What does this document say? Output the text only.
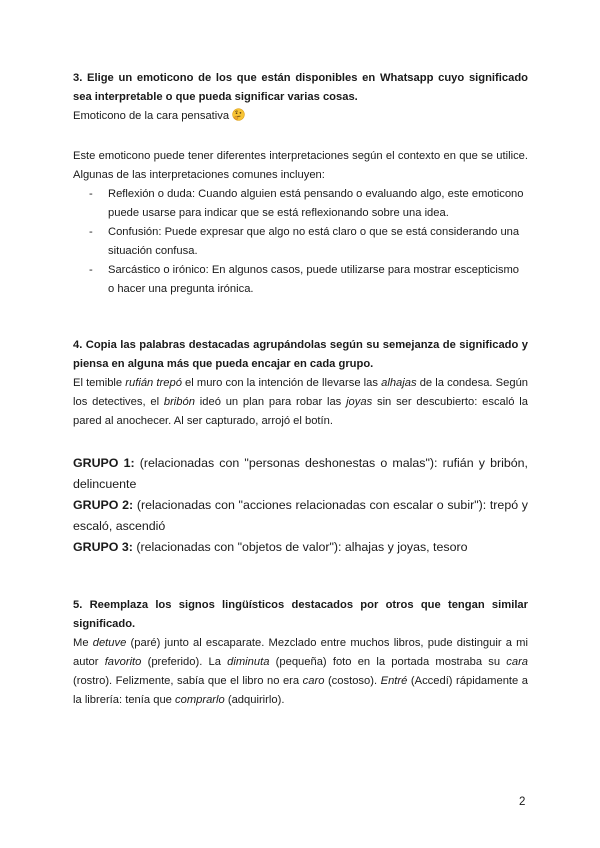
3. Elige un emoticono de los que están disponibles en Whatsapp cuyo significado sea interpretable o que pueda significar varias cosas.

Emoticono de la cara pensativa

Este emoticono puede tener diferentes interpretaciones según el contexto en que se utilice. Algunas de las interpretaciones comunes incluyen:

- Reflexión o duda: Cuando alguien está pensando o evaluando algo, este emoticono puede usarse para indicar que se está reflexionando sobre una idea.
- Confusión: Puede expresar que algo no está claro o que se está considerando una situación confusa.
- Sarcástico o irónico: En algunos casos, puede utilizarse para mostrar escepticismo o hacer una pregunta irónica.

4. Copia las palabras destacadas agrupándolas según su semejanza de significado y piensa en alguna más que pueda encajar en cada grupo.

El temible rufián trepó el muro con la intención de llevarse las alhajas de la condesa. Según los detectives, el bribón ideó un plan para robar las joyas sin ser descubierto: escaló la pared al anochecer. Al ser capturado, arrojó el botín.

GRUPO 1: (relacionadas con "personas deshonestas o malas"): rufián y bribón, delincuente

GRUPO 2: (relacionadas con "acciones relacionadas con escalar o subir"): trepó y escaló, ascendió

GRUPO 3: (relacionadas con "objetos de valor"): alhajas y joyas, tesoro

5. Reemplaza los signos lingüísticos destacados por otros que tengan similar significado.

Me detuve (paré) junto al escaparate. Mezclado entre muchos libros, pude distinguir a mi autor favorito (preferido). La diminuta (pequeña) foto en la portada mostraba su cara (rostro). Felizmente, sabía que el libro no era caro (costoso). Entré (Accedí) rápidamente a la librería: tenía que comprarlo (adquirirlo).

2
